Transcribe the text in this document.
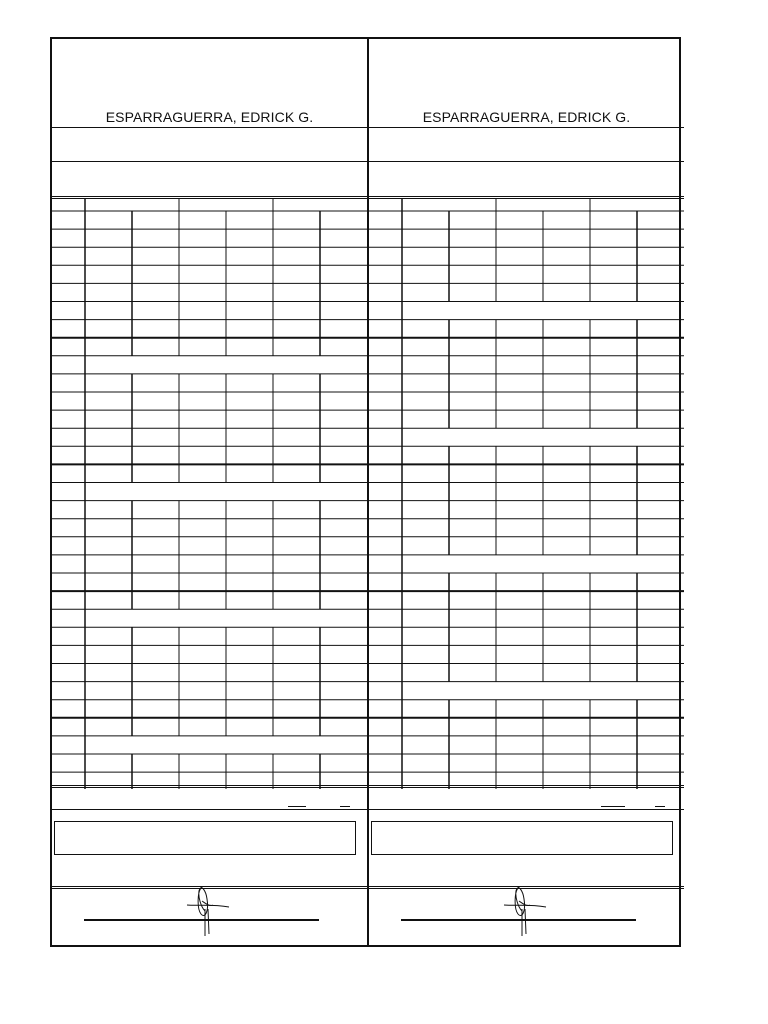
ESPARRAGUERRA, EDRICK G.	ESPARRAGUERRA, EDRICK G.
